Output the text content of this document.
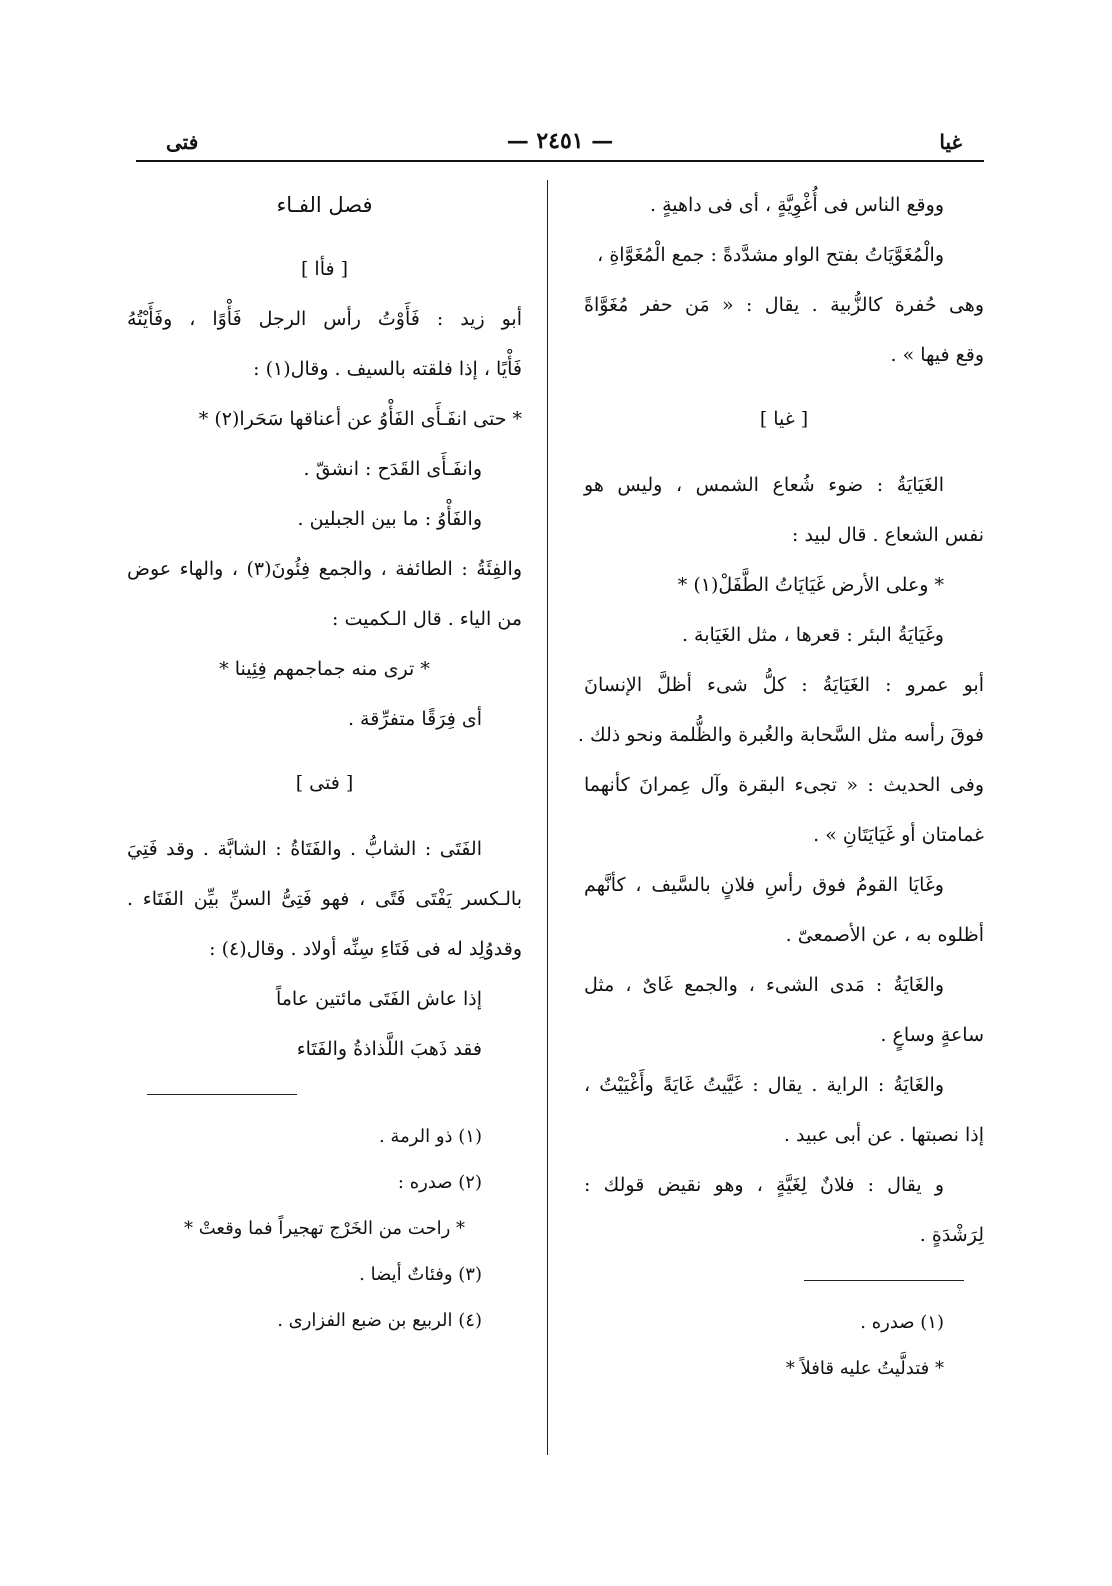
غيا
— ٢٤٥١ —
فتى
ووقع الناس فى أُغْوِيَّةٍ ، أى فى داهيةٍ .
والْمُغَوَّيَاتُ بفتح الواو مشدَّدةً : جمع الْمُغَوَّاةِ ،
وهى حُفرة كالزُّبية . يقال : « مَن حفر مُغَوَّاةً
وقع فيها » .
[ غيا ]
الغَيَايَةُ : ضوء شُعاع الشمس ، وليس هو
نفس الشعاع . قال لبيد :
* وعلى الأرض غَيَايَاتُ الطَّفَلْ(١) *
وغَيَايَةُ البئر : قعرها ، مثل الغَيَابة .
أبو عمرو : الغَيَايَةُ : كلُّ شىء أظلَّ الإنسانَ
فوقَ رأسه مثل السَّحابة والغُبرة والظُّلمة ونحو ذلك .
وفى الحديث : « تجىء البقرة وآل عِمرانَ كأنهما
غمامتان أو غَيَايَتَانِ » .
وغَايَا القومُ فوق رأسِ فلانٍ بالسَّيف ، كأنَّهم
أظلوه به ، عن الأصمعىّ .
والغَايَةُ : مَدى الشىء ، والجمع غَاىٌ ، مثل
ساعةٍ وساعٍ .
والغَايَةُ : الراية . يقال : غَيَّيتُ غَايَةً وأَغْيَيْتُ ،
إذا نصبتها . عن أبى عبيد .
و يقال : فلانٌ لِغَيَّةٍ ، وهو نقيض قولك :
لِرَشْدَةٍ .
(١) صدره .
* فتدلَّيتُ عليه قافلاً *
فصل الفـاء
[ فأا ]
أبو زيد : فَأَوْتُ رأس الرجل فَأْوًا ، وفَأَيْتُهُ
فَأْيًا ، إذا فلقته بالسيف . وقال(١) :
* حتى انفَـأَى الفَأْوُ عن أعناقها سَحَرا(٢) *
وانفَـأَى القَدَح : انشقّ .
والفَأْوُ : ما بين الجبلين .
والفِئَةُ : الطائفة ، والجمع فِئُونَ(٣) ، والهاء عوض
من الياء . قال الـكميت :
* ترى منه جماجمهم فِئِينا *
أى فِرَقًا متفرِّقة .
[ فتى ]
الفَتَى : الشابُّ . والفَتَاةُ : الشابَّة . وقد فَتِيَ
بالـكسر يَفْتَى فَتًى ، فهو فَتِىُّ السنِّ بيِّن الفَتَاء .
وقدوُلِد له فى فَتَاءِ سِنِّه أولاد . وقال(٤) :
إذا عاش الفَتَى مائتين عاماً
فقد ذَهبَ اللَّذاذةُ والفَتَاء
(١) ذو الرمة .
(٢) صدره :
* راحت من الخَرْج تهجيراً فما وقعتْ *
(٣) وفئاتٌ أيضا .
(٤) الربيع بن ضبع الفزارى .
